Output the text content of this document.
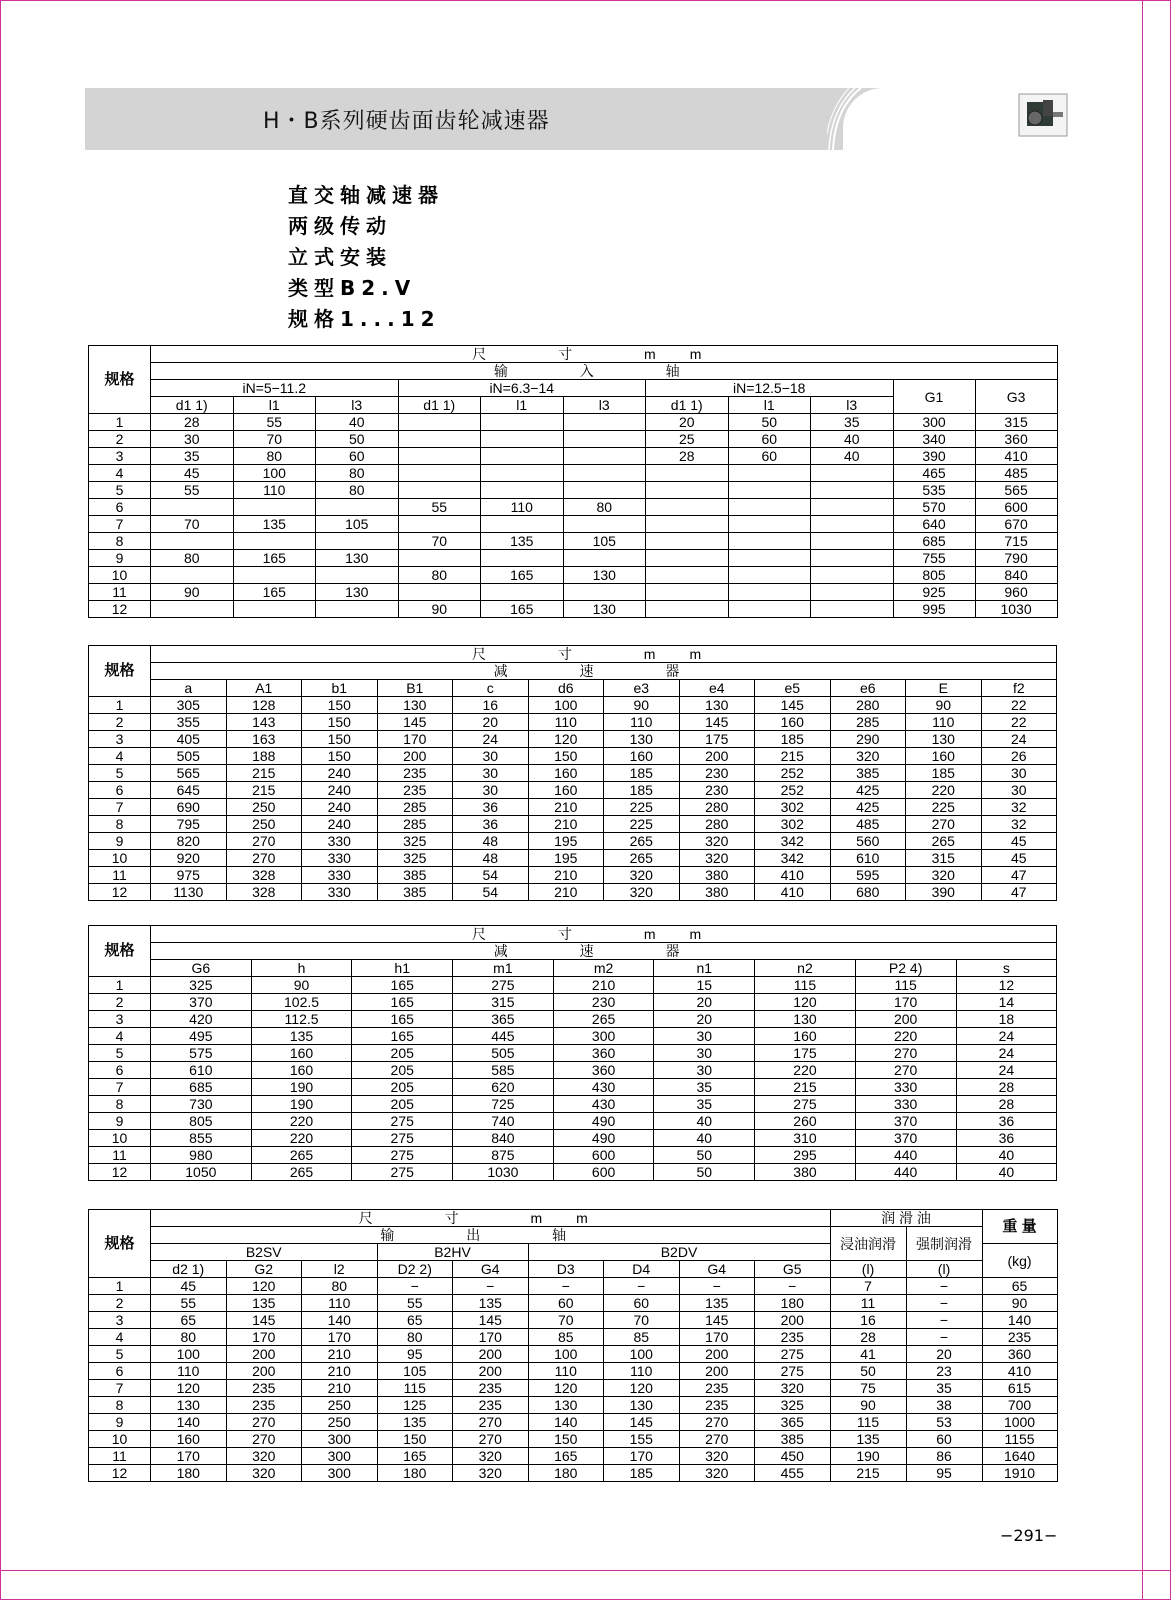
H・B系列硬齿面齿轮减速器
直交轴减速器
两级传动
立式安装
类型B2.V
规格1...12
规格	尺 寸 mm										
	输 入 轴										
	iN=5−11.2			iN=6.3−14			iN=12.5−18			G1	G3
	d1 1)	l1	l3	d1 1)	l1	l3	d1 1)	l1	l3		
1	28	55	40				20	50	35	300	315
2	30	70	50				25	60	40	340	360
3	35	80	60				28	60	40	390	410
4	45	100	80							465	485
5	55	110	80							535	565
6				55	110	80				570	600
7	70	135	105							640	670
8				70	135	105				685	715
9	80	165	130							755	790
10				80	165	130				805	840
11	90	165	130							925	960
12				90	165	130				995	1030
规格	尺 寸 mm											
	减 速 器											
	a	A1	b1	B1	c	d6	e3	e4	e5	e6	E	f2
1	305	128	150	130	16	100	90	130	145	280	90	22
2	355	143	150	145	20	110	110	145	160	285	110	22
3	405	163	150	170	24	120	130	175	185	290	130	24
4	505	188	150	200	30	150	160	200	215	320	160	26
5	565	215	240	235	30	160	185	230	252	385	185	30
6	645	215	240	235	30	160	185	230	252	425	220	30
7	690	250	240	285	36	210	225	280	302	425	225	32
8	795	250	240	285	36	210	225	280	302	485	270	32
9	820	270	330	325	48	195	265	320	342	560	265	45
10	920	270	330	325	48	195	265	320	342	610	315	45
11	975	328	330	385	54	210	320	380	410	595	320	47
12	1130	328	330	385	54	210	320	380	410	680	390	47
规格	尺 寸 mm								
	减 速 器								
	G6	h	h1	m1	m2	n1	n2	P2 4)	s
1	325	90	165	275	210	15	115	115	12
2	370	102.5	165	315	230	20	120	170	14
3	420	112.5	165	365	265	20	130	200	18
4	495	135	165	445	300	30	160	220	24
5	575	160	205	505	360	30	175	270	24
6	610	160	205	585	360	30	220	270	24
7	685	190	205	620	430	35	215	330	28
8	730	190	205	725	430	35	275	330	28
9	805	220	275	740	490	40	260	370	36
10	855	220	275	840	490	40	310	370	36
11	980	265	275	875	600	50	295	440	40
12	1050	265	275	1030	600	50	380	440	40
规格	尺 寸 mm									润 滑 油		重 量
	输 出 轴									浸油润滑	强制润滑	
	B2SV			B2HV		B2DV						(kg)
	d2 1)	G2	l2	D2 2)	G4	D3	D4	G4	G5	(l)	(l)	
1	45	120	80	−	−	−	−	−	−	7	−	65
2	55	135	110	55	135	60	60	135	180	11	−	90
3	65	145	140	65	145	70	70	145	200	16	−	140
4	80	170	170	80	170	85	85	170	235	28	−	235
5	100	200	210	95	200	100	100	200	275	41	20	360
6	110	200	210	105	200	110	110	200	275	50	23	410
7	120	235	210	115	235	120	120	235	320	75	35	615
8	130	235	250	125	235	130	130	235	325	90	38	700
9	140	270	250	135	270	140	145	270	365	115	53	1000
10	160	270	300	150	270	150	155	270	385	135	60	1155
11	170	320	300	165	320	165	170	320	450	190	86	1640
12	180	320	300	180	320	180	185	320	455	215	95	1910
−291−
